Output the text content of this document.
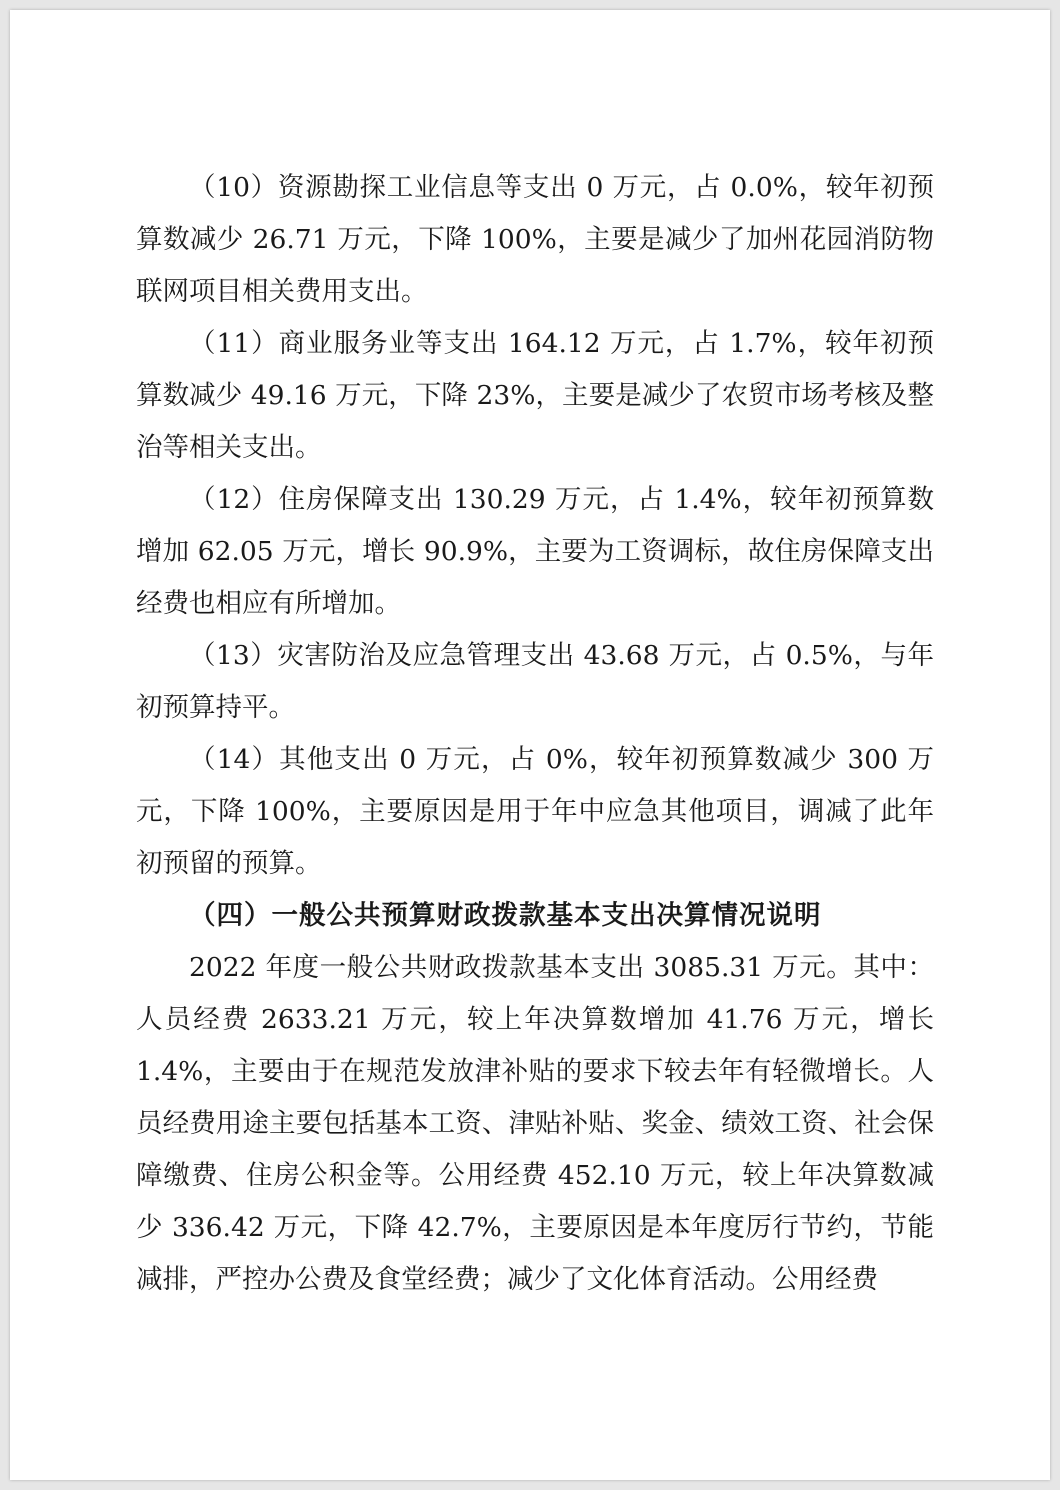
（10）资源勘探工业信息等支出 0 万元，占 0.0%，较年初预算数减少 26.71 万元，下降 100%，主要是减少了加州花园消防物联网项目相关费用支出。

（11）商业服务业等支出 164.12 万元，占 1.7%，较年初预算数减少 49.16 万元，下降 23%，主要是减少了农贸市场考核及整治等相关支出。

（12）住房保障支出 130.29 万元，占 1.4%，较年初预算数增加 62.05 万元，增长 90.9%，主要为工资调标，故住房保障支出经费也相应有所增加。

（13）灾害防治及应急管理支出 43.68 万元，占 0.5%，与年初预算持平。

（14）其他支出 0 万元，占 0%，较年初预算数减少 300 万元，下降 100%，主要原因是用于年中应急其他项目，调减了此年初预留的预算。

（四）一般公共预算财政拨款基本支出决算情况说明

2022 年度一般公共财政拨款基本支出 3085.31 万元。其中：人员经费 2633.21 万元，较上年决算数增加 41.76 万元，增长 1.4%，主要由于在规范发放津补贴的要求下较去年有轻微增长。人员经费用途主要包括基本工资、津贴补贴、奖金、绩效工资、社会保障缴费、住房公积金等。公用经费 452.10 万元，较上年决算数减少 336.42 万元，下降 42.7%，主要原因是本年度厉行节约，节能减排，严控办公费及食堂经费；减少了文化体育活动。公用经费
